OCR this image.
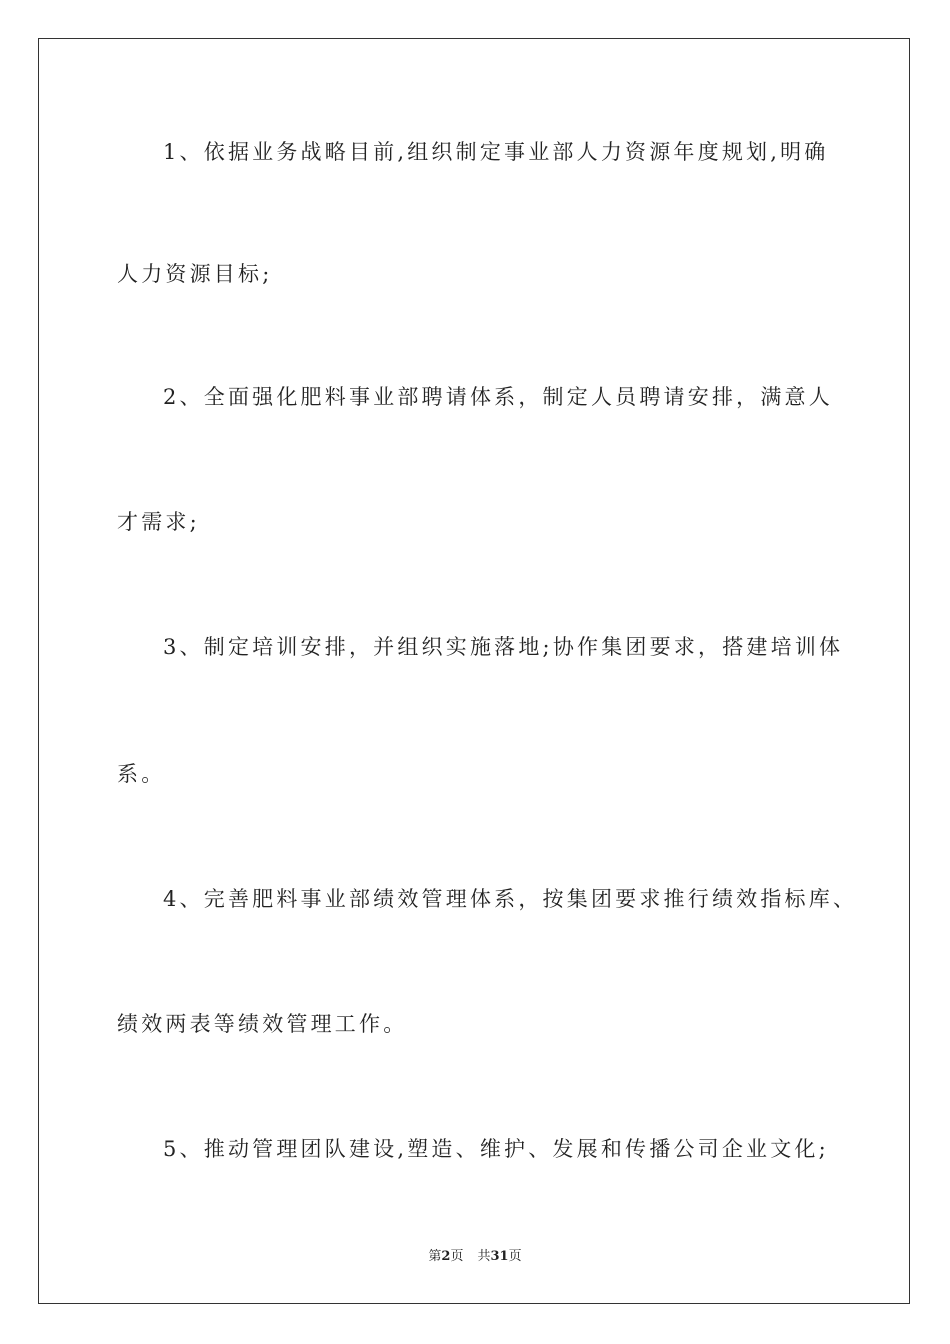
1、依据业务战略目前,组织制定事业部人力资源年度规划,明确
人力资源目标;
2、全面强化肥料事业部聘请体系，制定人员聘请安排，满意人
才需求;
3、制定培训安排，并组织实施落地;协作集团要求，搭建培训体
系。
4、完善肥料事业部绩效管理体系，按集团要求推行绩效指标库、
绩效两表等绩效管理工作。
5、推动管理团队建设,塑造、维护、发展和传播公司企业文化;
第2页 共31页
